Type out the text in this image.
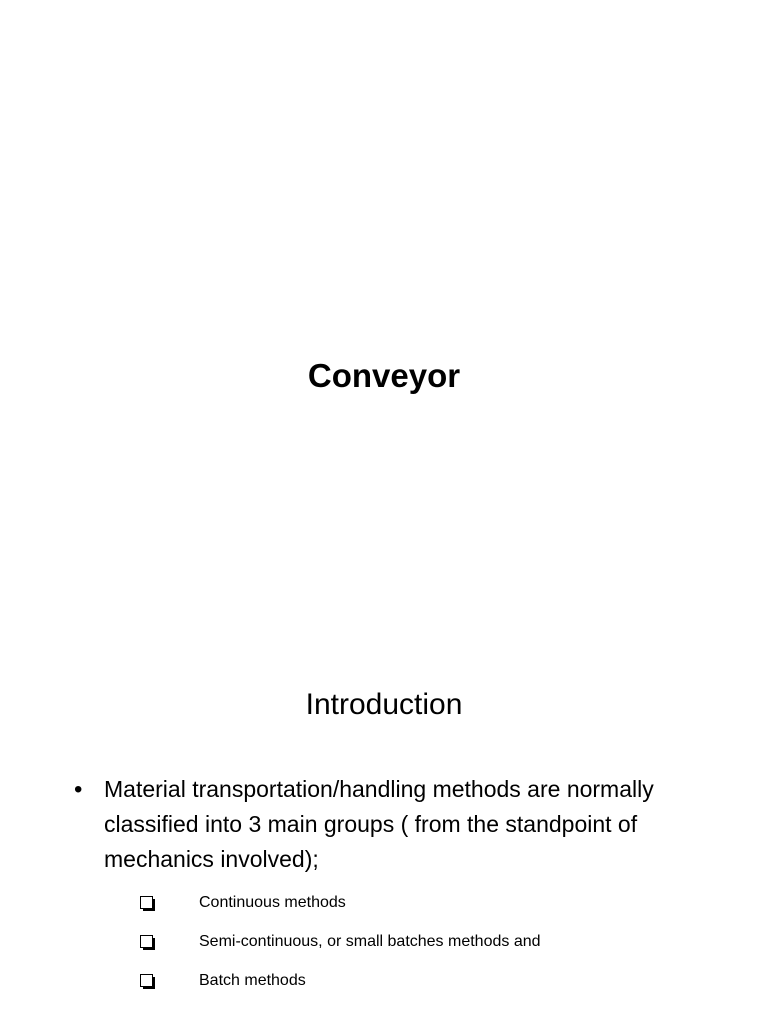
Conveyor
Introduction
• Material transportation/handling methods are normally classified into 3 main groups ( from the standpoint of mechanics involved);
Continuous methods
Semi-continuous, or small batches methods and
Batch methods
